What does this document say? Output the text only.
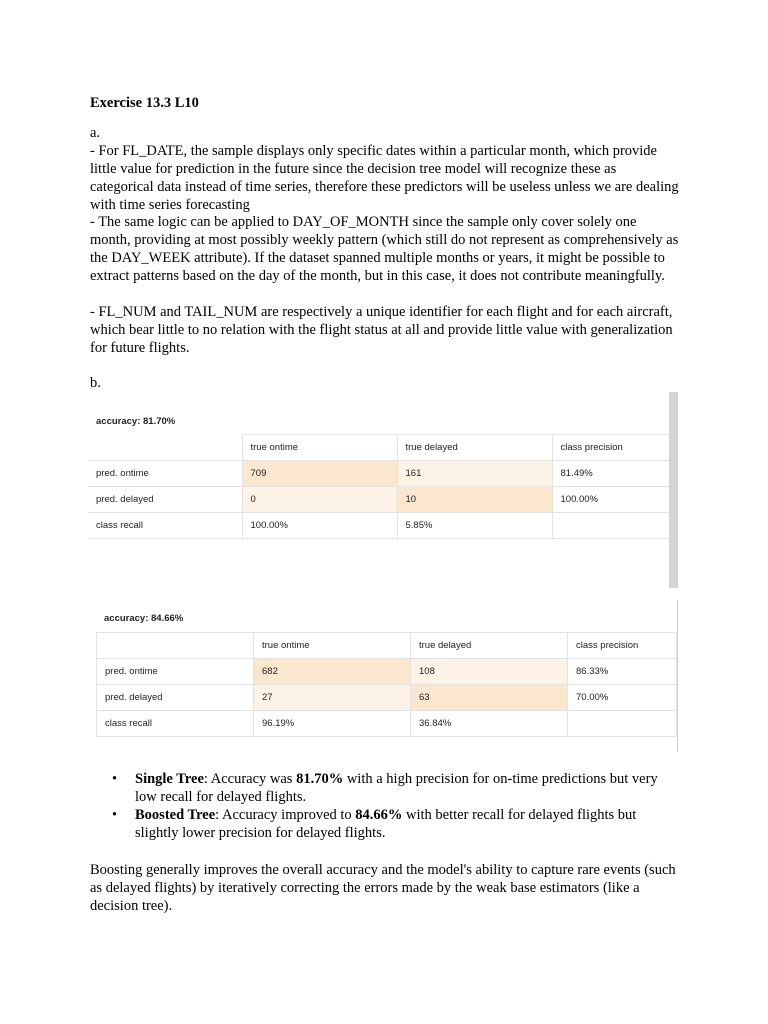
Exercise 13.3 L10
a.

- For FL_DATE, the sample displays only specific dates within a particular month, which provide little value for prediction in the future since the decision tree model will recognize these as categorical data instead of time series, therefore these predictors will be useless unless we are dealing with time series forecasting

- The same logic can be applied to DAY_OF_MONTH since the sample only cover solely one month, providing at most possibly weekly pattern (which still do not represent as comprehensively as the DAY_WEEK attribute). If the dataset spanned multiple months or years, it might be possible to extract patterns based on the day of the month, but in this case, it does not contribute meaningfully.

- FL_NUM and TAIL_NUM are respectively a unique identifier for each flight and for each aircraft, which bear little to no relation with the flight status at all and provide little value with generalization for future flights.

b.
accuracy: 81.70%
	true ontime	true delayed	class precision
pred. ontime	709	161	81.49%
pred. delayed	0	10	100.00%
class recall	100.00%	5.85%	
accuracy: 84.66%
	true ontime	true delayed	class precision
pred. ontime	682	108	86.33%
pred. delayed	27	63	70.00%
class recall	96.19%	36.84%	
• Single Tree: Accuracy was 81.70% with a high precision for on-time predictions but very low recall for delayed flights.
• Boosted Tree: Accuracy improved to 84.66% with better recall for delayed flights but slightly lower precision for delayed flights.

Boosting generally improves the overall accuracy and the model's ability to capture rare events (such as delayed flights) by iteratively correcting the errors made by the weak base estimators (like a decision tree).
